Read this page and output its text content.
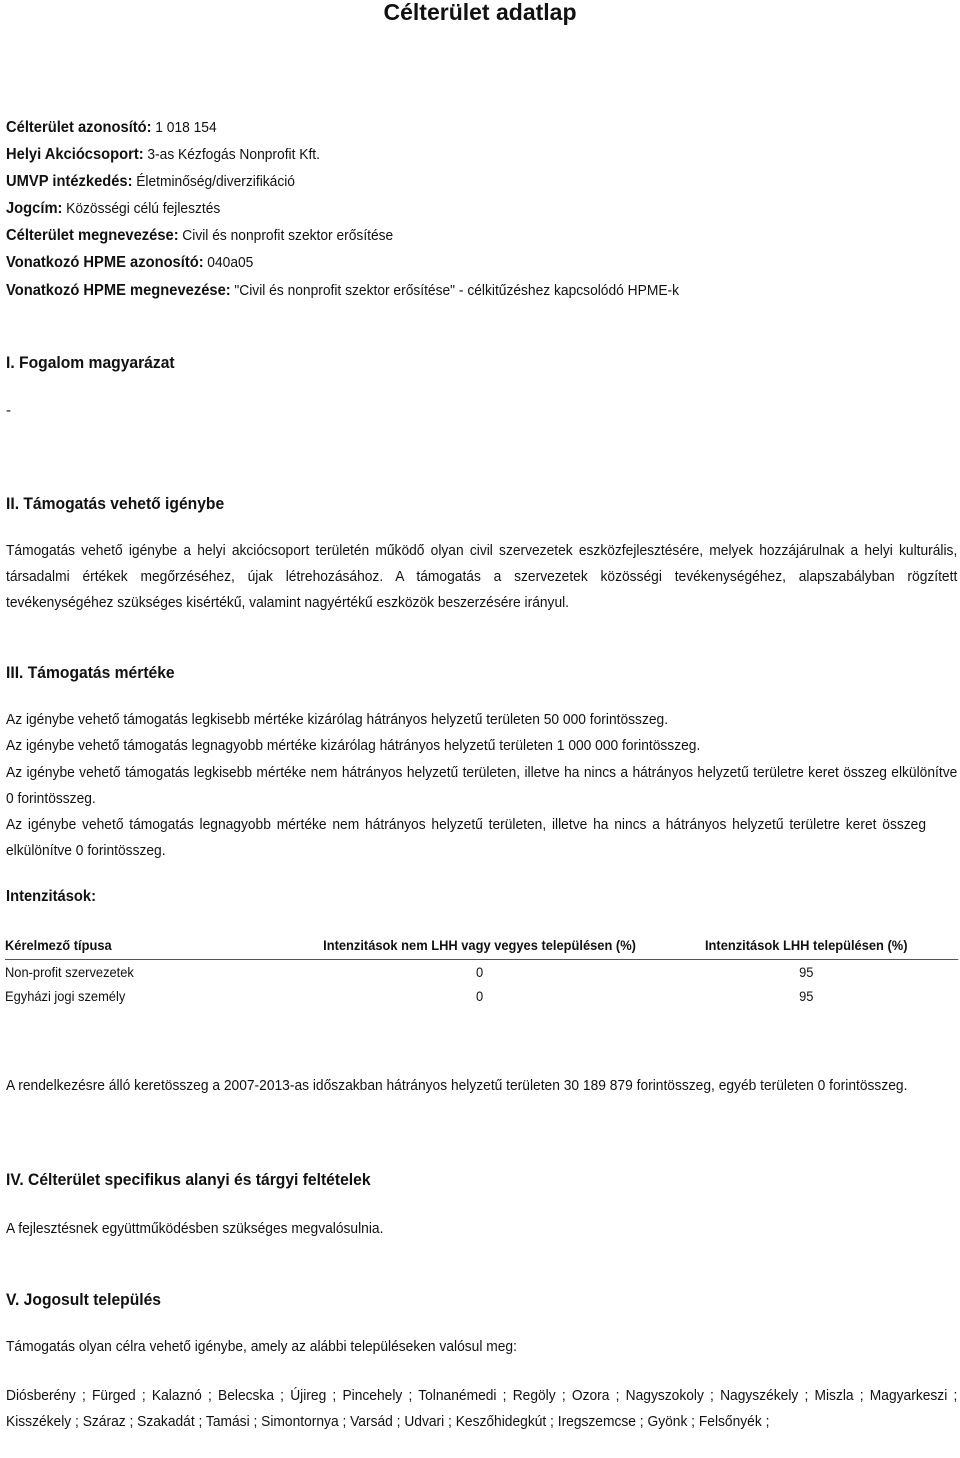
Célterület adatlap
Célterület azonosító: 1 018 154
Helyi Akciócsoport: 3-as Kézfogás Nonprofit Kft.
UMVP intézkedés: Életminőség/diverzifikáció
Jogcím: Közösségi célú fejlesztés
Célterület megnevezése: Civil és nonprofit szektor erősítése
Vonatkozó HPME azonosító: 040a05
Vonatkozó HPME megnevezése: "Civil és nonprofit szektor erősítése" - célkitűzéshez kapcsolódó HPME-k
I. Fogalom magyarázat
-
II. Támogatás vehető igénybe
Támogatás vehető igénybe a helyi akciócsoport területén működő olyan civil szervezetek eszközfejlesztésére, melyek hozzájárulnak a helyi kulturális, társadalmi értékek megőrzéséhez, újak létrehozásához. A támogatás a szervezetek közösségi tevékenységéhez, alapszabályban rögzített tevékenységéhez szükséges kisértékű, valamint nagyértékű eszközök beszerzésére irányul.
III. Támogatás mértéke
Az igénybe vehető támogatás legkisebb mértéke kizárólag hátrányos helyzetű területen 50 000 forintösszeg.
Az igénybe vehető támogatás legnagyobb mértéke kizárólag hátrányos helyzetű területen 1 000 000 forintösszeg.
Az igénybe vehető támogatás legkisebb mértéke nem hátrányos helyzetű területen, illetve ha nincs a hátrányos helyzetű területre keret összeg elkülönítve 0 forintösszeg.
Az igénybe vehető támogatás legnagyobb mértéke nem hátrányos helyzetű területen, illetve ha nincs a hátrányos helyzetű területre keret összeg elkülönítve 0 forintösszeg.
Intenzitások:
Kérelmező típusa	Intenzitások nem LHH vagy vegyes településen (%)	Intenzitások LHH településen (%)
Non-profit szervezetek	0	95
Egyházi jogi személy	0	95
A rendelkezésre álló keretösszeg a 2007-2013-as időszakban hátrányos helyzetű területen 30 189 879 forintösszeg, egyéb területen 0 forintösszeg.
IV. Célterület specifikus alanyi és tárgyi feltételek
A fejlesztésnek együttműködésben szükséges megvalósulnia.
V. Jogosult település
Támogatás olyan célra vehető igénybe, amely az alábbi településeken valósul meg:
Diósberény ; Fürged ; Kalaznó ; Belecska ; Újireg ; Pincehely ; Tolnanémedi ; Regöly ; Ozora ; Nagyszokoly ; Nagyszékely ; Miszla ; Magyarkeszi ; Kisszékely ; Száraz ; Szakadát ; Tamási ; Simontornya ; Varsád ; Udvari ; Keszőhidegkút ; Iregszemcse ; Gyönk ; Felsőnyék ;
